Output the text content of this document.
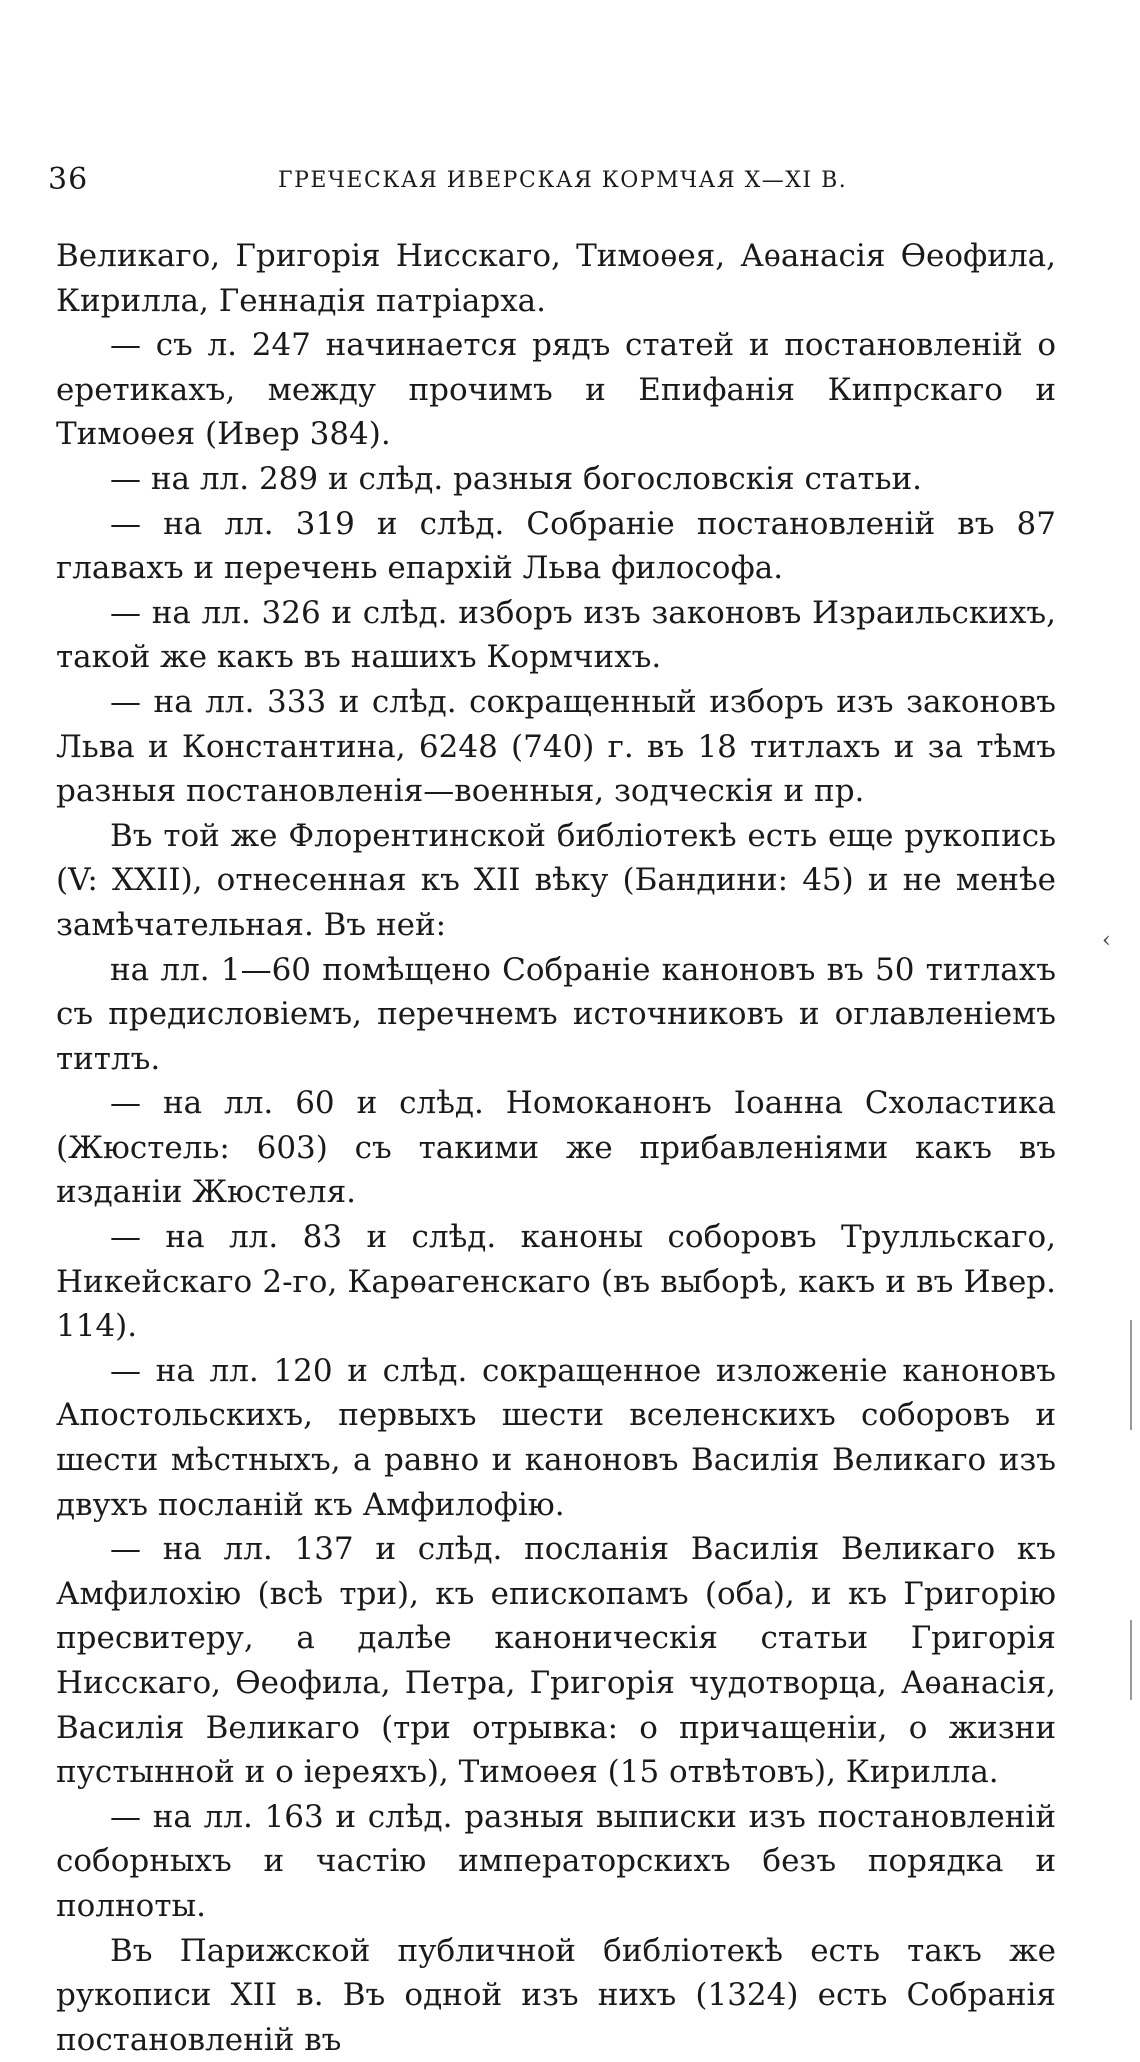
36	ГРЕЧЕСКАЯ ИВЕРСКАЯ КОРМЧАЯ X—XI В.

Великаго, Григорія Нисскаго, Тимоѳея, Аѳанасія Ѳеофила, Кирилла, Геннадія патріарха.

— съ л. 247 начинается рядъ статей и постановленій о еретикахъ, между прочимъ и Епифанія Кипрскаго и Тимоѳея (Ивер 384).

— на лл. 289 и слѣд. разныя богословскія статьи.

— на лл. 319 и слѣд. Собраніе постановленій въ 87 главахъ и перечень епархій Льва философа.

— на лл. 326 и слѣд. изборъ изъ законовъ Израильскихъ, такой же какъ въ нашихъ Кормчихъ.

— на лл. 333 и слѣд. сокращенный изборъ изъ законовъ Льва и Константина, 6248 (740) г. въ 18 титлахъ и за тѣмъ разныя постановленія—военныя, зодческія и пр.

Въ той же Флорентинской библіотекѣ есть еще рукопись (V: XXII), отнесенная къ XII вѣку (Бандини: 45) и не менѣе замѣчательная. Въ ней:

на лл. 1—60 помѣщено Собраніе каноновъ въ 50 титлахъ съ предисловіемъ, перечнемъ источниковъ и оглавленіемъ титлъ.

— на лл. 60 и слѣд. Номоканонъ Іоанна Схоластика (Жюстель: 603) съ такими же прибавленіями какъ въ изданіи Жюстеля.

— на лл. 83 и слѣд. каноны соборовъ Трулльскаго, Никейскаго 2-го, Карѳагенскаго (въ выборѣ, какъ и въ Ивер. 114).

— на лл. 120 и слѣд. сокращенное изложеніе каноновъ Апостольскихъ, первыхъ шести вселенскихъ соборовъ и шести мѣстныхъ, а равно и каноновъ Василія Великаго изъ двухъ посланій къ Амфилофію.

— на лл. 137 и слѣд. посланія Василія Великаго къ Амфилохію (всѣ три), къ епископамъ (оба), и къ Григорію пресвитеру, а далѣе каноническія статьи Григорія Нисскаго, Ѳеофила, Петра, Григорія чудотворца, Аѳанасія, Василія Великаго (три отрывка: о причащеніи, о жизни пустынной и о іереяхъ), Тимоѳея (15 отвѣтовъ), Кирилла.

— на лл. 163 и слѣд. разныя выписки изъ постановленій соборныхъ и частію императорскихъ безъ порядка и полноты.

Въ Парижской публичной библіотекѣ есть такъ же рукописи XII в. Въ одной изъ нихъ (1324) есть Собранія постановленій въ

‹
